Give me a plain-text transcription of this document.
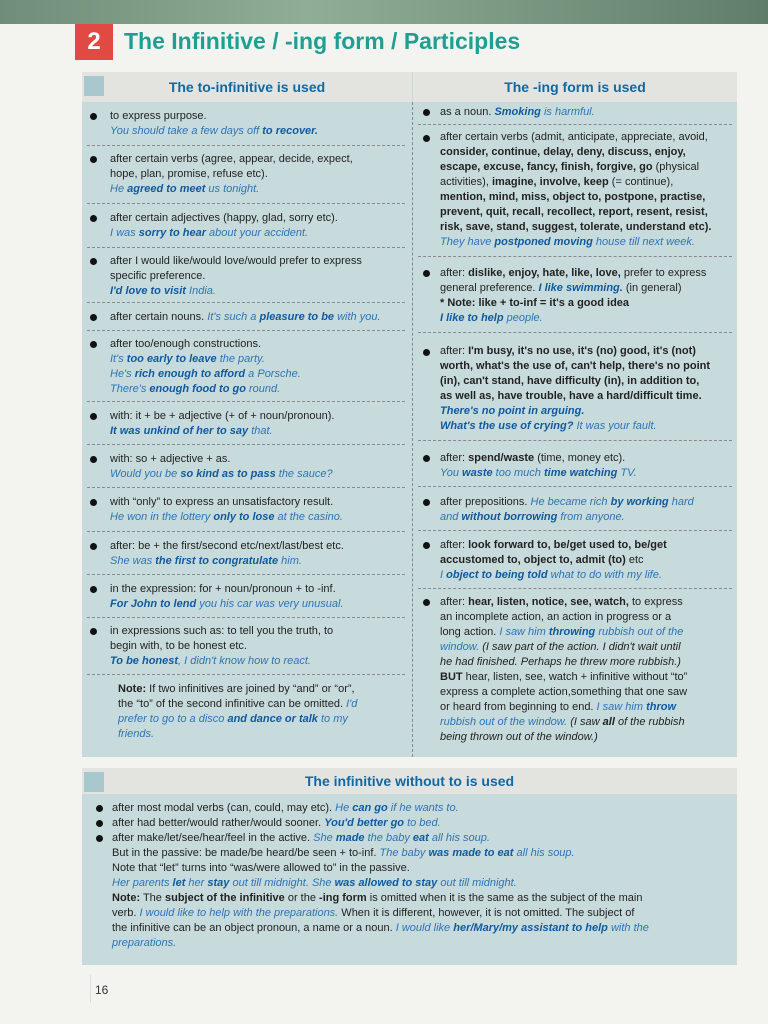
2	The Infinitive / -ing form / Participles
The to-infinitive is used	The -ing form is used
to express purpose.
You should take a few days off to recover.
after certain verbs (agree, appear, decide, expect,
hope, plan, promise, refuse etc).
He agreed to meet us tonight.
after certain adjectives (happy, glad, sorry etc).
I was sorry to hear about your accident.
after I would like/would love/would prefer to express
specific preference.
I'd love to visit India.
after certain nouns. It's such a pleasure to be with you.
after too/enough constructions.
It's too early to leave the party.
He's rich enough to afford a Porsche.
There's enough food to go round.
with: it + be + adjective (+ of + noun/pronoun).
It was unkind of her to say that.
with: so + adjective + as.
Would you be so kind as to pass the sauce?
with “only” to express an unsatisfactory result.
He won in the lottery only to lose at the casino.
after: be + the first/second etc/next/last/best etc.
She was the first to congratulate him.
in the expression: for + noun/pronoun + to -inf.
For John to lend you his car was very unusual.
in expressions such as: to tell you the truth, to
begin with, to be honest etc.
To be honest, I didn't know how to react.
Note: If two infinitives are joined by “and” or “or”,
the “to” of the second infinitive can be omitted. I'd
prefer to go to a disco and dance or talk to my
friends.
as a noun. Smoking is harmful.
after certain verbs (admit, anticipate, appreciate, avoid,
consider, continue, delay, deny, discuss, enjoy,
escape, excuse, fancy, finish, forgive, go (physical
activities), imagine, involve, keep (= continue),
mention, mind, miss, object to, postpone, practise,
prevent, quit, recall, recollect, report, resent, resist,
risk, save, stand, suggest, tolerate, understand etc).
They have postponed moving house till next week.
after: dislike, enjoy, hate, like, love, prefer to express
general preference. I like swimming. (in general)
* Note: like + to-inf = it's a good idea
I like to help people.
after: I'm busy, it's no use, it's (no) good, it's (not)
worth, what's the use of, can't help, there's no point
(in), can't stand, have difficulty (in), in addition to,
as well as, have trouble, have a hard/difficult time.
There's no point in arguing.
What's the use of crying? It was your fault.
after: spend/waste (time, money etc).
You waste too much time watching TV.
after prepositions. He became rich by working hard
and without borrowing from anyone.
after: look forward to, be/get used to, be/get
accustomed to, object to, admit (to) etc
I object to being told what to do with my life.
after: hear, listen, notice, see, watch, to express
an incomplete action, an action in progress or a
long action. I saw him throwing rubbish out of the
window. (I saw part of the action. I didn't wait until
he had finished. Perhaps he threw more rubbish.)
BUT hear, listen, see, watch + infinitive without “to”
express a complete action,something that one saw
or heard from beginning to end. I saw him throw
rubbish out of the window. (I saw all of the rubbish
being thrown out of the window.)
The infinitive without to is used
after most modal verbs (can, could, may etc). He can go if he wants to.
after had better/would rather/would sooner. You'd better go to bed.
after make/let/see/hear/feel in the active. She made the baby eat all his soup.
But in the passive: be made/be heard/be seen + to-inf. The baby was made to eat all his soup.
Note that “let” turns into “was/were allowed to” in the passive.
Her parents let her stay out till midnight. She was allowed to stay out till midnight.
Note: The subject of the infinitive or the -ing form is omitted when it is the same as the subject of the main
verb. I would like to help with the preparations. When it is different, however, it is not omitted. The subject of
the infinitive can be an object pronoun, a name or a noun. I would like her/Mary/my assistant to help with the
preparations.
16
